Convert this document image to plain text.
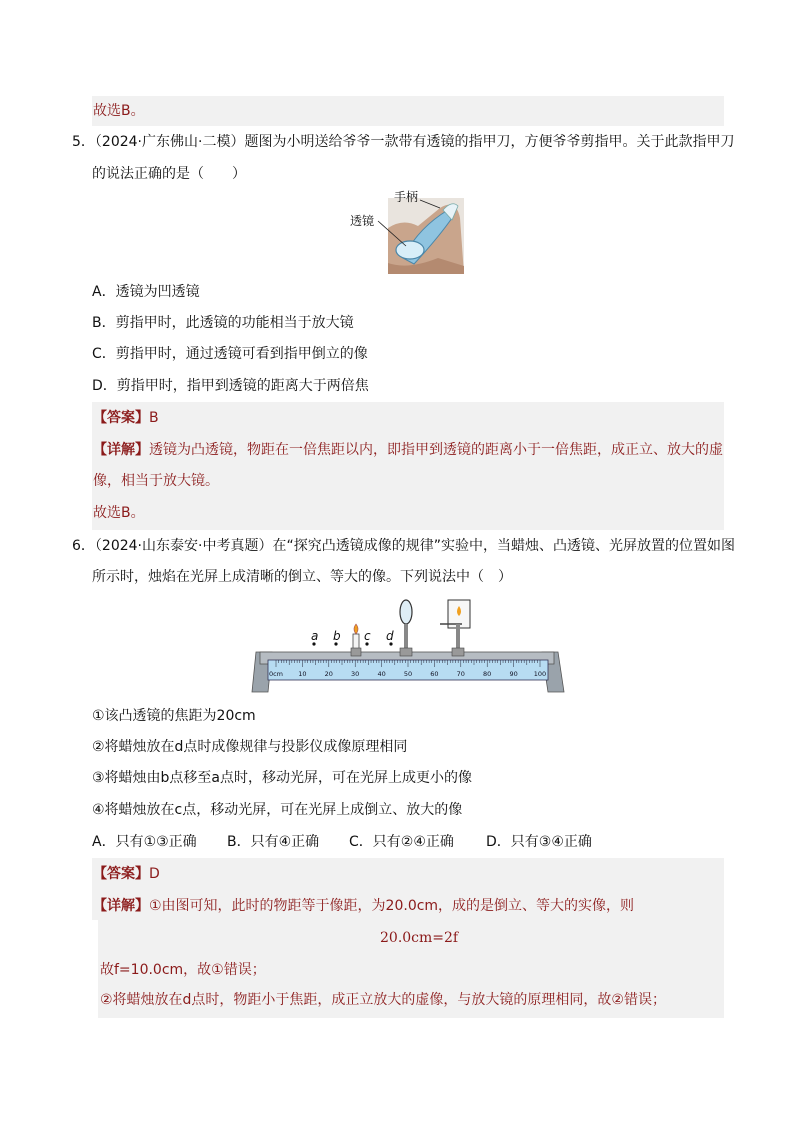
故选B。
5．（2024·广东佛山·二模）题图为小明送给爷爷一款带有透镜的指甲刀，方便爷爷剪指甲。关于此款指甲刀
的说法正确的是（　　）
手柄
透镜
A．透镜为凹透镜
B．剪指甲时，此透镜的功能相当于放大镜
C．剪指甲时，通过透镜可看到指甲倒立的像
D．剪指甲时，指甲到透镜的距离大于两倍焦
【答案】B
【详解】透镜为凸透镜，物距在一倍焦距以内，即指甲到透镜的距离小于一倍焦距，成正立、放大的虚
像，相当于放大镜。
故选B。
6．（2024·山东泰安·中考真题）在“探究凸透镜成像的规律”实验中，当蜡烛、凸透镜、光屏放置的位置如图
所示时，烛焰在光屏上成清晰的倒立、等大的像。下列说法中（　）
0cm 10	20	30	40	50	60	70	80	90 100
a b c d
①该凸透镜的焦距为20cm
②将蜡烛放在d点时成像规律与投影仪成像原理相同
③将蜡烛由b点移至a点时，移动光屏，可在光屏上成更小的像
④将蜡烛放在c点，移动光屏，可在光屏上成倒立、放大的像
A．只有①③正确 B．只有④正确 C．只有②④正确 D．只有③④正确
【答案】D
【详解】①由图可知，此时的物距等于像距，为20.0cm，成的是倒立、等大的实像，则
20.0cm=2f
故f=10.0cm，故①错误；
②将蜡烛放在d点时，物距小于焦距，成正立放大的虚像，与放大镜的原理相同，故②错误；
